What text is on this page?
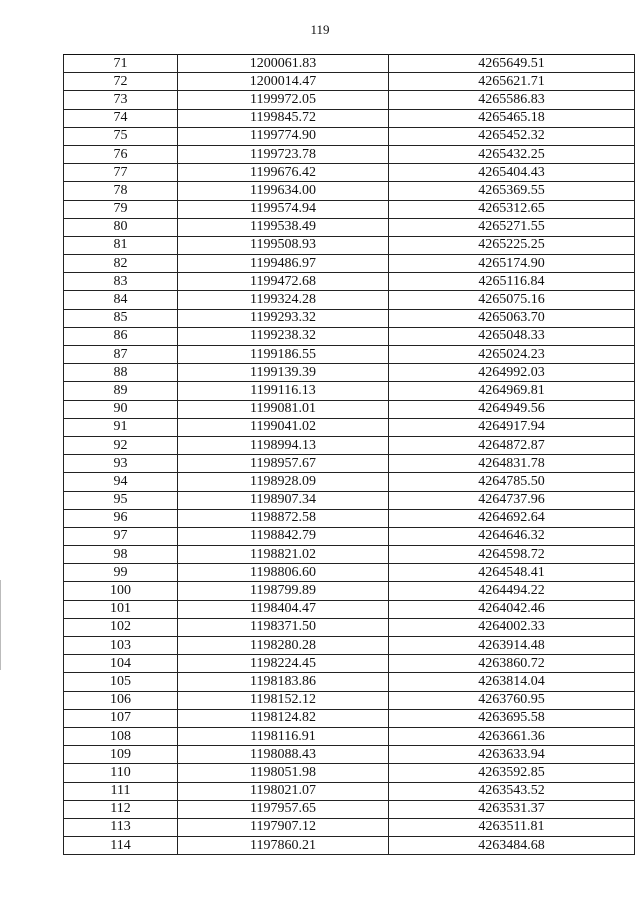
119
71	1200061.83	4265649.51
72	1200014.47	4265621.71
73	1199972.05	4265586.83
74	1199845.72	4265465.18
75	1199774.90	4265452.32
76	1199723.78	4265432.25
77	1199676.42	4265404.43
78	1199634.00	4265369.55
79	1199574.94	4265312.65
80	1199538.49	4265271.55
81	1199508.93	4265225.25
82	1199486.97	4265174.90
83	1199472.68	4265116.84
84	1199324.28	4265075.16
85	1199293.32	4265063.70
86	1199238.32	4265048.33
87	1199186.55	4265024.23
88	1199139.39	4264992.03
89	1199116.13	4264969.81
90	1199081.01	4264949.56
91	1199041.02	4264917.94
92	1198994.13	4264872.87
93	1198957.67	4264831.78
94	1198928.09	4264785.50
95	1198907.34	4264737.96
96	1198872.58	4264692.64
97	1198842.79	4264646.32
98	1198821.02	4264598.72
99	1198806.60	4264548.41
100	1198799.89	4264494.22
101	1198404.47	4264042.46
102	1198371.50	4264002.33
103	1198280.28	4263914.48
104	1198224.45	4263860.72
105	1198183.86	4263814.04
106	1198152.12	4263760.95
107	1198124.82	4263695.58
108	1198116.91	4263661.36
109	1198088.43	4263633.94
110	1198051.98	4263592.85
111	1198021.07	4263543.52
112	1197957.65	4263531.37
113	1197907.12	4263511.81
114	1197860.21	4263484.68
